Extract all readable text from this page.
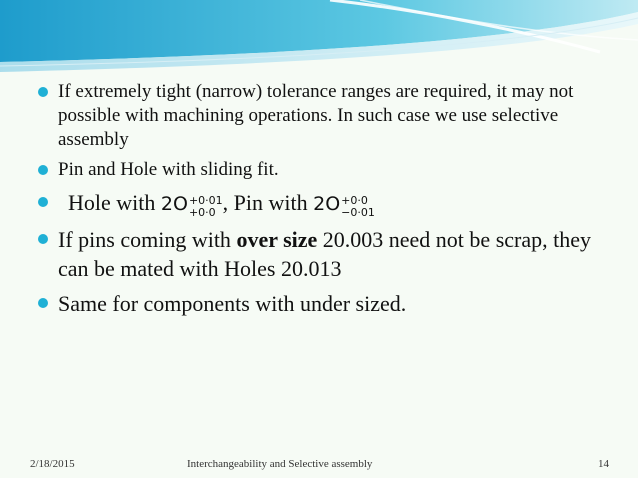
If extremely tight (narrow) tolerance ranges are required, it may not possible with machining operations. In such case we use selective assembly
Pin and Hole with sliding fit.
Hole with 2O +0·01
+0·0 , Pin with 2O +0·0
−0·01
If pins coming with over size 20.003 need not be scrap, they can be mated with Holes 20.013
Same for components with under sized.
2/18/2015	Interchangeability and Selective assembly	14
